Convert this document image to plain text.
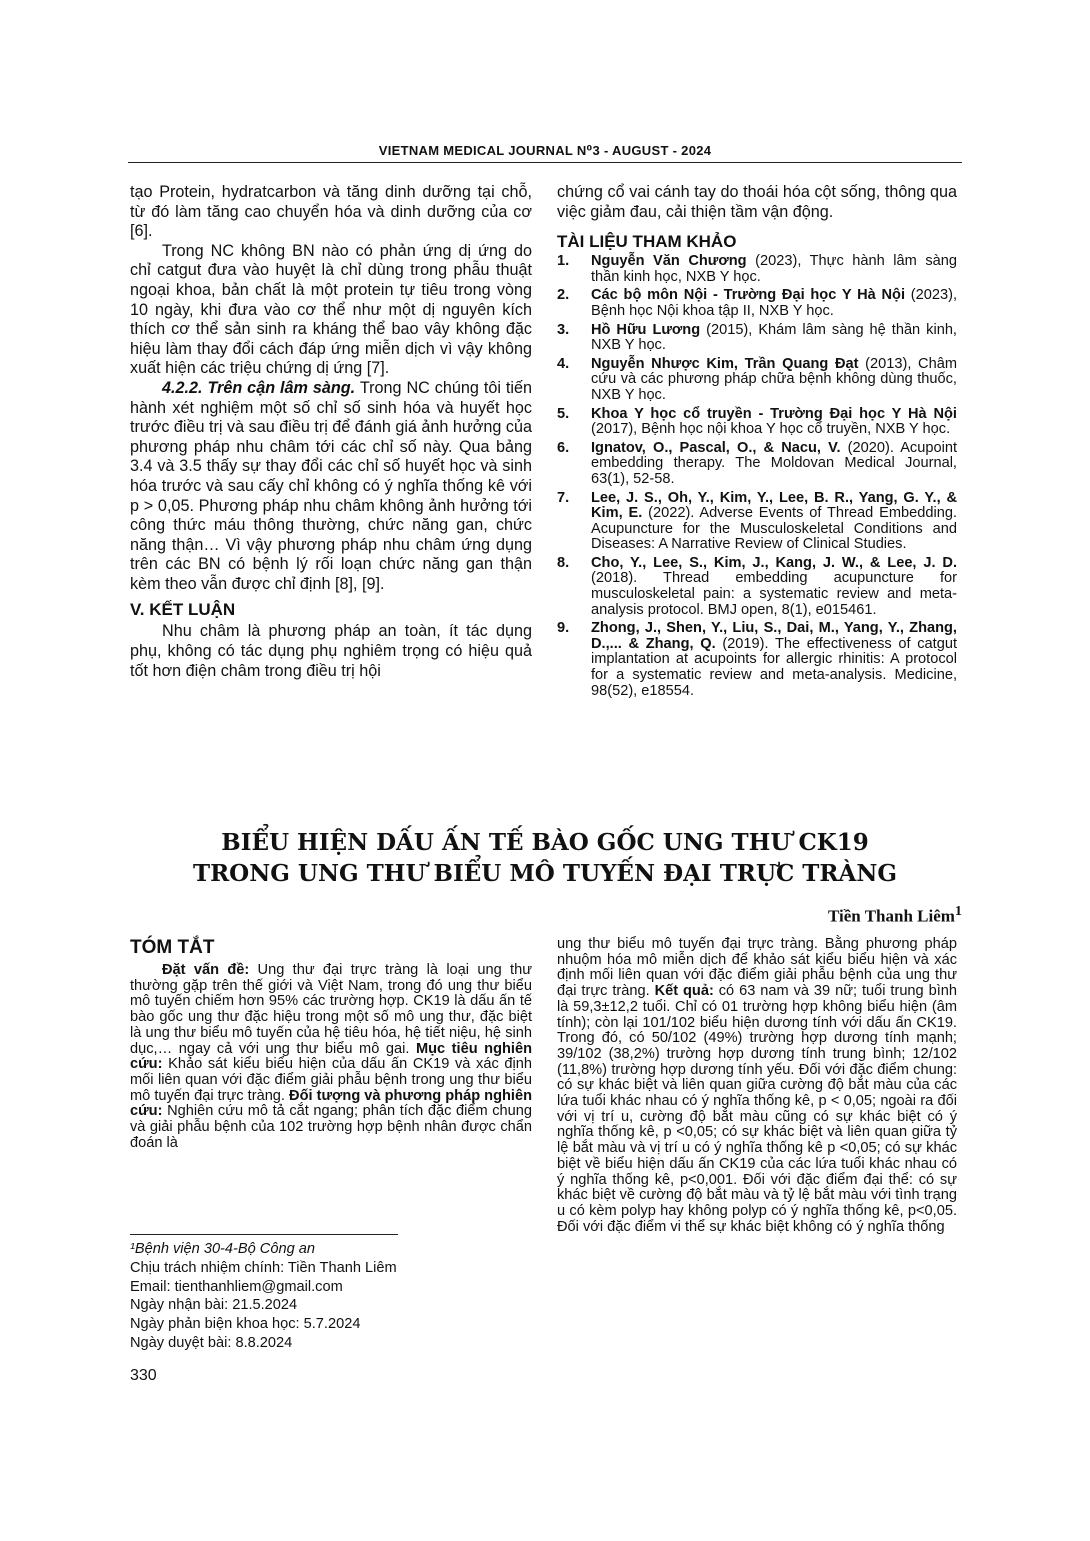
VIETNAM MEDICAL JOURNAL N⁰3 - AUGUST - 2024

tạo Protein, hydratcarbon và tăng dinh dưỡng tại chỗ, từ đó làm tăng cao chuyển hóa và dinh dưỡng của cơ [6].

Trong NC không BN nào có phản ứng dị ứng do chỉ catgut đưa vào huyệt là chỉ dùng trong phẫu thuật ngoại khoa, bản chất là một protein tự tiêu trong vòng 10 ngày, khi đưa vào cơ thể như một dị nguyên kích thích cơ thể sản sinh ra kháng thể bao vây không đặc hiệu làm thay đổi cách đáp ứng miễn dịch vì vậy không xuất hiện các triệu chứng dị ứng [7].

4.2.2. Trên cận lâm sàng. Trong NC chúng tôi tiến hành xét nghiệm một số chỉ số sinh hóa và huyết học trước điều trị và sau điều trị để đánh giá ảnh hưởng của phương pháp nhu châm tới các chỉ số này. Qua bảng 3.4 và 3.5 thấy sự thay đổi các chỉ số huyết học và sinh hóa trước và sau cấy chỉ không có ý nghĩa thống kê với p > 0,05. Phương pháp nhu châm không ảnh hưởng tới công thức máu thông thường, chức năng gan, chức năng thận… Vì vậy phương pháp nhu châm ứng dụng trên các BN có bệnh lý rối loạn chức năng gan thận kèm theo vẫn được chỉ định [8], [9].

V. KẾT LUẬN

Nhu châm là phương pháp an toàn, ít tác dụng phụ, không có tác dụng phụ nghiêm trọng có hiệu quả tốt hơn điện châm trong điều trị hội

chứng cổ vai cánh tay do thoái hóa cột sống, thông qua việc giảm đau, cải thiện tầm vận động.

TÀI LIỆU THAM KHẢO
1.	Nguyễn Văn Chương (2023), Thực hành lâm sàng thần kinh học, NXB Y học.
2.	Các bộ môn Nội - Trường Đại học Y Hà Nội (2023), Bệnh học Nội khoa tập II, NXB Y học.
3.	Hồ Hữu Lương (2015), Khám lâm sàng hệ thần kinh, NXB Y học.
4.	Nguyễn Nhược Kim, Trần Quang Đạt (2013), Châm cứu và các phương pháp chữa bệnh không dùng thuốc, NXB Y học.
5.	Khoa Y học cổ truyền - Trường Đại học Y Hà Nội (2017), Bệnh học nội khoa Y học cổ truyền, NXB Y học.
6.	Ignatov, O., Pascal, O., & Nacu, V. (2020). Acupoint embedding therapy. The Moldovan Medical Journal, 63(1), 52-58.
7.	Lee, J. S., Oh, Y., Kim, Y., Lee, B. R., Yang, G. Y., & Kim, E. (2022). Adverse Events of Thread Embedding. Acupuncture for the Musculoskeletal Conditions and Diseases: A Narrative Review of Clinical Studies.
8.	Cho, Y., Lee, S., Kim, J., Kang, J. W., & Lee, J. D. (2018). Thread embedding acupuncture for musculoskeletal pain: a systematic review and meta-analysis protocol. BMJ open, 8(1), e015461.
9.	Zhong, J., Shen, Y., Liu, S., Dai, M., Yang, Y., Zhang, D.,... & Zhang, Q. (2019). The effectiveness of catgut implantation at acupoints for allergic rhinitis: A protocol for a systematic review and meta-analysis. Medicine, 98(52), e18554.
BIỂU HIỆN DẤU ẤN TẾ BÀO GỐC UNG THƯ CK19
TRONG UNG THƯ BIỂU MÔ TUYẾN ĐẠI TRỰC TRÀNG
Tiền Thanh Liêm$^1$
TÓM TẮT

Đặt vấn đề: Ung thư đại trực tràng là loại ung thư thường gặp trên thế giới và Việt Nam, trong đó ung thư biểu mô tuyến chiếm hơn 95% các trường hợp. CK19 là dấu ấn tế bào gốc ung thư đặc hiệu trong một số mô ung thư, đặc biệt là ung thư biểu mô tuyến của hệ tiêu hóa, hệ tiết niệu, hệ sinh dục,… ngay cả với ung thư biểu mô gai. Mục tiêu nghiên cứu: Khảo sát kiểu biểu hiện của dấu ấn CK19 và xác định mối liên quan với đặc điểm giải phẫu bệnh trong ung thư biểu mô tuyến đại trực tràng. Đối tượng và phương pháp nghiên cứu: Nghiên cứu mô tả cắt ngang; phân tích đặc điểm chung và giải phẫu bệnh của 102 trường hợp bệnh nhân được chẩn đoán là

ung thư biểu mô tuyến đại trực tràng. Bằng phương pháp nhuộm hóa mô miễn dịch để khảo sát kiểu biểu hiện và xác định mối liên quan với đặc điểm giải phẫu bệnh của ung thư đại trực tràng. Kết quả: có 63 nam và 39 nữ; tuổi trung bình là 59,3±12,2 tuổi. Chỉ có 01 trường hợp không biểu hiện (âm tính); còn lại 101/102 biểu hiện dương tính với dấu ấn CK19. Trong đó, có 50/102 (49%) trường hợp dương tính mạnh; 39/102 (38,2%) trường hợp dương tính trung bình; 12/102 (11,8%) trường hợp dương tính yếu. Đối với đặc điểm chung: có sự khác biệt và liên quan giữa cường độ bắt màu của các lứa tuổi khác nhau có ý nghĩa thống kê, p < 0,05; ngoài ra đối với vị trí u, cường độ bắt màu cũng có sự khác biệt có ý nghĩa thống kê, p <0,05; có sự khác biệt và liên quan giữa tỷ lệ bắt màu và vị trí u có ý nghĩa thống kê p <0,05; có sự khác biệt về biểu hiện dấu ấn CK19 của các lứa tuổi khác nhau có ý nghĩa thống kê, p<0,001. Đối với đặc điểm đại thể: có sự khác biệt về cường độ bắt màu và tỷ lệ bắt màu với tình trạng u có kèm polyp hay không polyp có ý nghĩa thống kê, p<0,05. Đối với đặc điểm vi thể sự khác biệt không có ý nghĩa thống

¹Bệnh viện 30-4-Bộ Công an
Chịu trách nhiệm chính: Tiền Thanh Liêm
Email: tienthanhliem@gmail.com
Ngày nhận bài: 21.5.2024
Ngày phản biện khoa học: 5.7.2024
Ngày duyệt bài: 8.8.2024
330
